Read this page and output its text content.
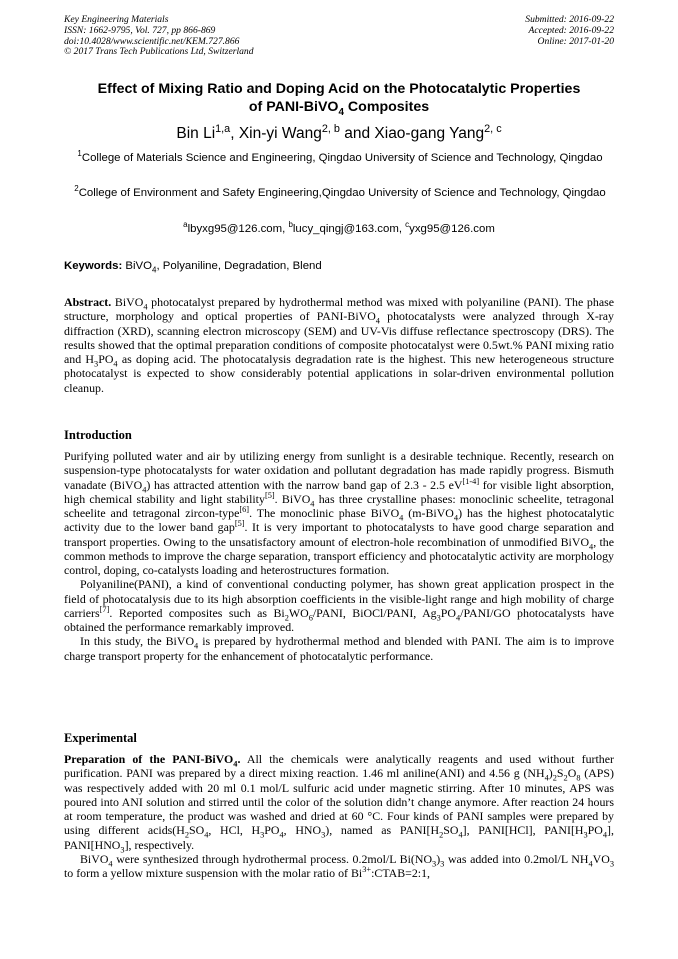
Key Engineering Materials
ISSN: 1662-9795, Vol. 727, pp 866-869
doi:10.4028/www.scientific.net/KEM.727.866
© 2017 Trans Tech Publications Ltd, Switzerland
Submitted: 2016-09-22
Accepted: 2016-09-22
Online: 2017-01-20
Effect of Mixing Ratio and Doping Acid on the Photocatalytic Properties
of PANI-BiVO$_4$ Composites
Bin Li$^{1,a}$, Xin-yi Wang$^{2, b}$ and Xiao-gang Yang$^{2, c}$
$^1$College of Materials Science and Engineering, Qingdao University of Science and Technology, Qingdao
$^2$College of Environment and Safety Engineering,Qingdao University of Science and Technology, Qingdao
$^a$lbyxg95@126.com, $^b$lucy_qingj@163.com, $^c$yxg95@126.com
Keywords: BiVO$_4$, Polyaniline, Degradation, Blend

Abstract. BiVO$_4$ photocatalyst prepared by hydrothermal method was mixed with polyaniline (PANI). The phase structure, morphology and optical properties of PANI-BiVO$_4$ photocatalysts were analyzed through X-ray diffraction (XRD), scanning electron microscopy (SEM) and UV-Vis diffuse reflectance spectroscopy (DRS). The results showed that the optimal preparation conditions of composite photocatalyst were 0.5wt.% PANI mixing ratio and $H_3PO_4$ as doping acid. The photocatalysis degradation rate is the highest. This new heterogeneous structure photocatalyst is expected to show considerably potential applications in solar-driven environmental pollution cleanup.

Introduction

Purifying polluted water and air by utilizing energy from sunlight is a desirable technique. Recently, research on suspension-type photocatalysts for water oxidation and pollutant degradation has made rapidly progress. Bismuth vanadate (BiVO$_4$) has attracted attention with the narrow band gap of 2.3 - 2.5 eV[1-4] for visible light absorption, high chemical stability and light stability[5]. BiVO$_4$ has three crystalline phases: monoclinic scheelite, tetragonal scheelite and tetragonal zircon-type[6]. The monoclinic phase BiVO$_4$ (m-BiVO$_4$) has the highest photocatalytic activity due to the lower band gap[5]. It is very important to photocatalysts to have good charge separation and transport properties. Owing to the unsatisfactory amount of electron-hole recombination of unmodified BiVO$_4$, the common methods to improve the charge separation, transport efficiency and photocatalytic activity are morphology control, doping, co-catalysts loading and heterostructures formation.

Polyaniline(PANI), a kind of conventional conducting polymer, has shown great application prospect in the field of photocatalysis due to its high absorption coefficients in the visible-light range and high mobility of charge carriers[7]. Reported composites such as $Bi_2WO_6$/PANI, BiOCl/PANI, $Ag_3PO_4/PANI/GO$ photocatalysts have obtained the performance remarkably improved.

In this study, the BiVO$_4$ is prepared by hydrothermal method and blended with PANI. The aim is to improve charge transport property for the enhancement of photocatalytic performance.

Experimental

Preparation of the PANI-BiVO$_4$. All the chemicals were analytically reagents and used without further purification. PANI was prepared by a direct mixing reaction. 1.46 ml aniline(ANI) and 4.56 g $(NH_4)_2S_2O_8$ (APS) was respectively added with 20 ml 0.1 mol/L sulfuric acid under magnetic stirring. After 10 minutes, APS was poured into ANI solution and stirred until the color of the solution didn’t change anymore. After reaction 24 hours at room temperature, the product was washed and dried at 60 °C. Four kinds of PANI samples were prepared by using different $acids(H_2SO_4$, HCl, $H_3PO_4$, $HNO_3$), named as $PANI[H_2SO_4]$, PANI[HCl], $PANI[H_3PO_4]$, $PANI[HNO_3]$, respectively.

BiVO$_4$ were synthesized through hydrothermal process. 0.2mol/L $Bi(NO_3)_3$ was added into 0.2mol/L $NH_4VO_3$ to form a yellow mixture suspension with the molar ratio of $Bi^{3+}:CTAB=2:1$,
